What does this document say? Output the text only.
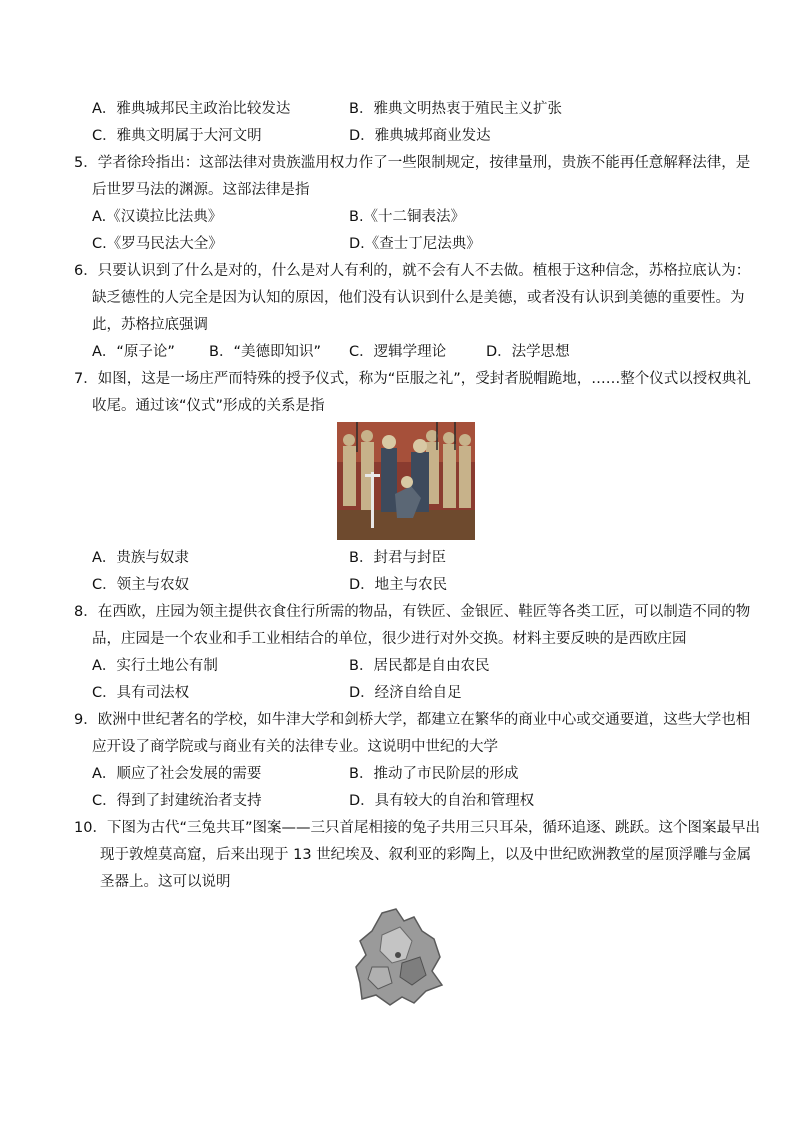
A．雅典城邦民主政治比较发达	B．雅典文明热衷于殖民主义扩张
C．雅典文明属于大河文明	D．雅典城邦商业发达
5．学者徐玲指出：这部法律对贵族滥用权力作了一些限制规定，按律量刑，贵族不能再任意解释法律，是
后世罗马法的渊源。这部法律是指
A.《汉谟拉比法典》	B.《十二铜表法》
C.《罗马民法大全》	D.《查士丁尼法典》
6．只要认识到了什么是对的，什么是对人有利的，就不会有人不去做。植根于这种信念，苏格拉底认为：
缺乏德性的人完全是因为认知的原因，他们没有认识到什么是美德，或者没有认识到美德的重要性。为
此，苏格拉底强调
A．“原子论” B．“美德即知识” C．逻辑学理论	D．法学思想
7．如图，这是一场庄严而特殊的授予仪式，称为“臣服之礼”，受封者脱帽跪地，……整个仪式以授权典礼
收尾。通过该“仪式”形成的关系是指
A．贵族与奴隶	B．封君与封臣
C．领主与农奴	D．地主与农民
8．在西欧，庄园为领主提供衣食住行所需的物品，有铁匠、金银匠、鞋匠等各类工匠，可以制造不同的物
品，庄园是一个农业和手工业相结合的单位，很少进行对外交换。材料主要反映的是西欧庄园
A．实行土地公有制	B．居民都是自由农民
C．具有司法权	D．经济自给自足
9．欧洲中世纪著名的学校，如牛津大学和剑桥大学，都建立在繁华的商业中心或交通要道，这些大学也相
应开设了商学院或与商业有关的法律专业。这说明中世纪的大学
A．顺应了社会发展的需要	B．推动了市民阶层的形成
C．得到了封建统治者支持	D．具有较大的自治和管理权
10．下图为古代“三兔共耳”图案——三只首尾相接的兔子共用三只耳朵，循环追逐、跳跃。这个图案最早出
现于敦煌莫高窟，后来出现于 13 世纪埃及、叙利亚的彩陶上，以及中世纪欧洲教堂的屋顶浮雕与金属
圣器上。这可以说明
